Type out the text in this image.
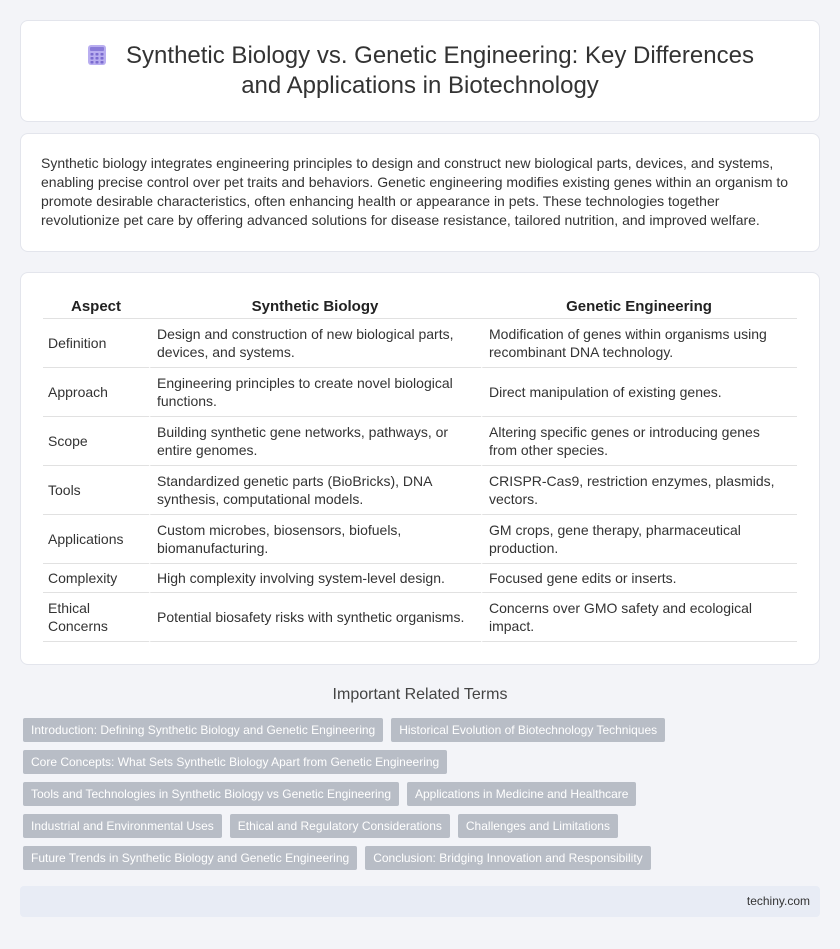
Synthetic Biology vs. Genetic Engineering: Key Differences and Applications in Biotechnology

Synthetic biology integrates engineering principles to design and construct new biological parts, devices, and systems, enabling precise control over pet traits and behaviors. Genetic engineering modifies existing genes within an organism to promote desirable characteristics, often enhancing health or appearance in pets. These technologies together revolutionize pet care by offering advanced solutions for disease resistance, tailored nutrition, and improved welfare.

Aspect	Synthetic Biology	Genetic Engineering
Definition	Design and construction of new biological parts, devices, and systems.	Modification of genes within organisms using recombinant DNA technology.
Approach	Engineering principles to create novel biological functions.	Direct manipulation of existing genes.
Scope	Building synthetic gene networks, pathways, or entire genomes.	Altering specific genes or introducing genes from other species.
Tools	Standardized genetic parts (BioBricks), DNA synthesis, computational models.	CRISPR-Cas9, restriction enzymes, plasmids, vectors.
Applications	Custom microbes, biosensors, biofuels, biomanufacturing.	GM crops, gene therapy, pharmaceutical production.
Complexity	High complexity involving system-level design.	Focused gene edits or inserts.
Ethical Concerns	Potential biosafety risks with synthetic organisms.	Concerns over GMO safety and ecological impact.
Important Related Terms
Introduction: Defining Synthetic Biology and Genetic Engineering	Historical Evolution of Biotechnology Techniques
Core Concepts: What Sets Synthetic Biology Apart from Genetic Engineering
Tools and Technologies in Synthetic Biology vs Genetic Engineering	Applications in Medicine and Healthcare
Industrial and Environmental Uses	Ethical and Regulatory Considerations	Challenges and Limitations
Future Trends in Synthetic Biology and Genetic Engineering	Conclusion: Bridging Innovation and Responsibility
techiny.com
